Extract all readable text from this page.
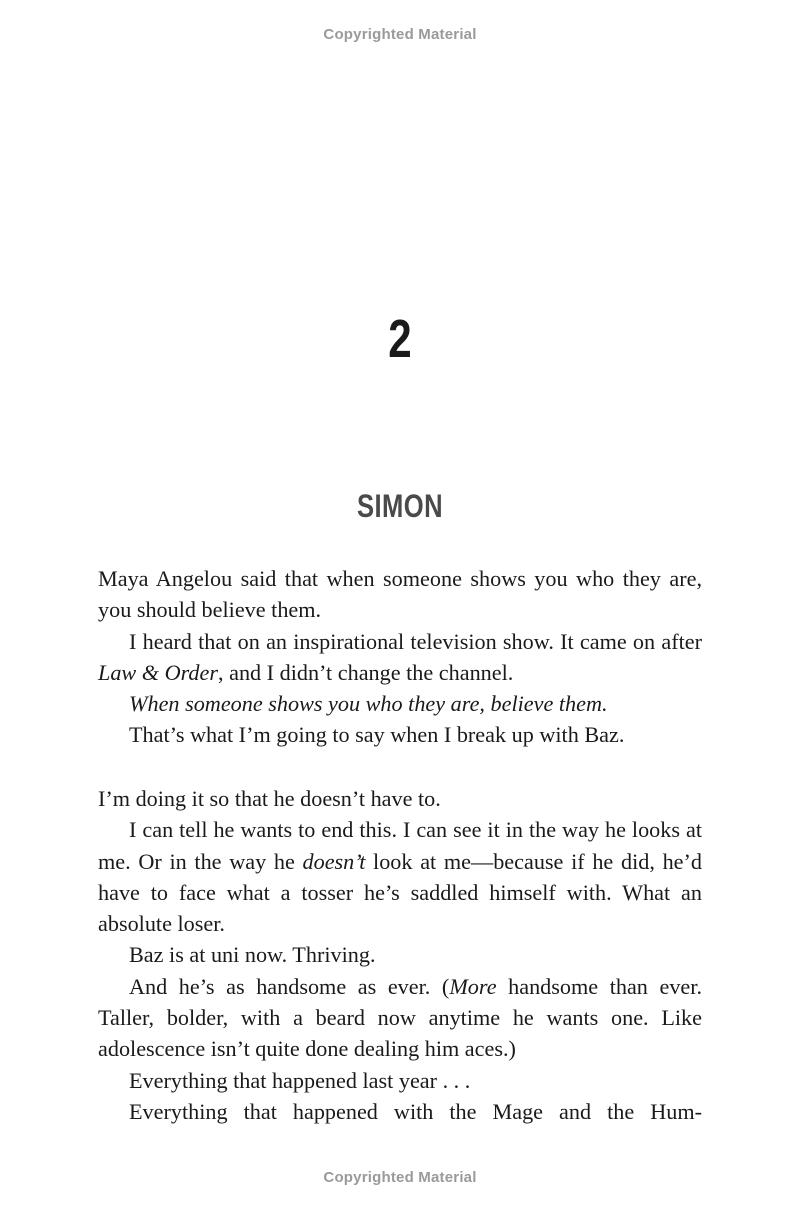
Copyrighted Material
2
SIMON

Maya Angelou said that when someone shows you who they are, you should believe them.

I heard that on an inspirational television show. It came on after Law & Order, and I didn’t change the channel.

When someone shows you who they are, believe them.

That’s what I’m going to say when I break up with Baz.

I’m doing it so that he doesn’t have to.

I can tell he wants to end this. I can see it in the way he looks at me. Or in the way he doesn’t look at me—because if he did, he’d have to face what a tosser he’s saddled himself with. What an absolute loser.

Baz is at uni now. Thriving.

And he’s as handsome as ever. (More handsome than ever. Taller, bolder, with a beard now anytime he wants one. Like adolescence isn’t quite done dealing him aces.)

Everything that happened last year . . .

Everything that happened with the Mage and the Hum-

Copyrighted Material
